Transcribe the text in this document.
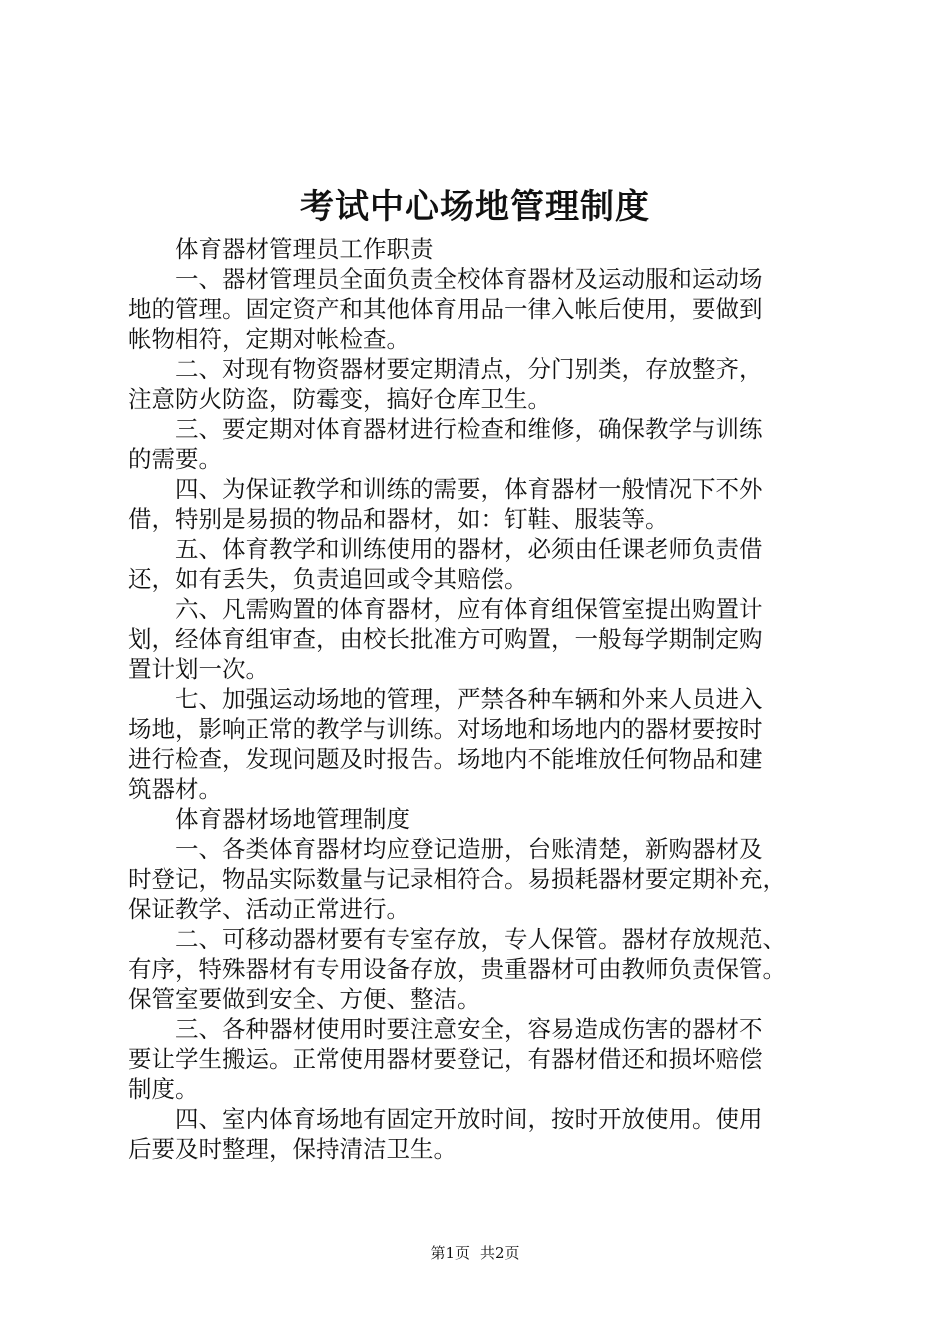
考试中心场地管理制度
体育器材管理员工作职责
一、器材管理员全面负责全校体育器材及运动服和运动场
地的管理。固定资产和其他体育用品一律入帐后使用，要做到
帐物相符，定期对帐检查。
二、对现有物资器材要定期清点，分门别类，存放整齐，
注意防火防盗，防霉变，搞好仓库卫生。
三、要定期对体育器材进行检查和维修，确保教学与训练
的需要。
四、为保证教学和训练的需要，体育器材一般情况下不外
借，特别是易损的物品和器材，如：钉鞋、服装等。
五、体育教学和训练使用的器材，必须由任课老师负责借
还，如有丢失，负责追回或令其赔偿。
六、凡需购置的体育器材，应有体育组保管室提出购置计
划，经体育组审查，由校长批准方可购置，一般每学期制定购
置计划一次。
七、加强运动场地的管理，严禁各种车辆和外来人员进入
场地，影响正常的教学与训练。对场地和场地内的器材要按时
进行检查，发现问题及时报告。场地内不能堆放任何物品和建
筑器材。
体育器材场地管理制度
一、各类体育器材均应登记造册，台账清楚，新购器材及
时登记，物品实际数量与记录相符合。易损耗器材要定期补充，
保证教学、活动正常进行。
二、可移动器材要有专室存放，专人保管。器材存放规范、
有序，特殊器材有专用设备存放，贵重器材可由教师负责保管。
保管室要做到安全、方便、整洁。
三、各种器材使用时要注意安全，容易造成伤害的器材不
要让学生搬运。正常使用器材要登记，有器材借还和损坏赔偿
制度。
四、室内体育场地有固定开放时间，按时开放使用。使用
后要及时整理，保持清洁卫生。
第1页 共2页
